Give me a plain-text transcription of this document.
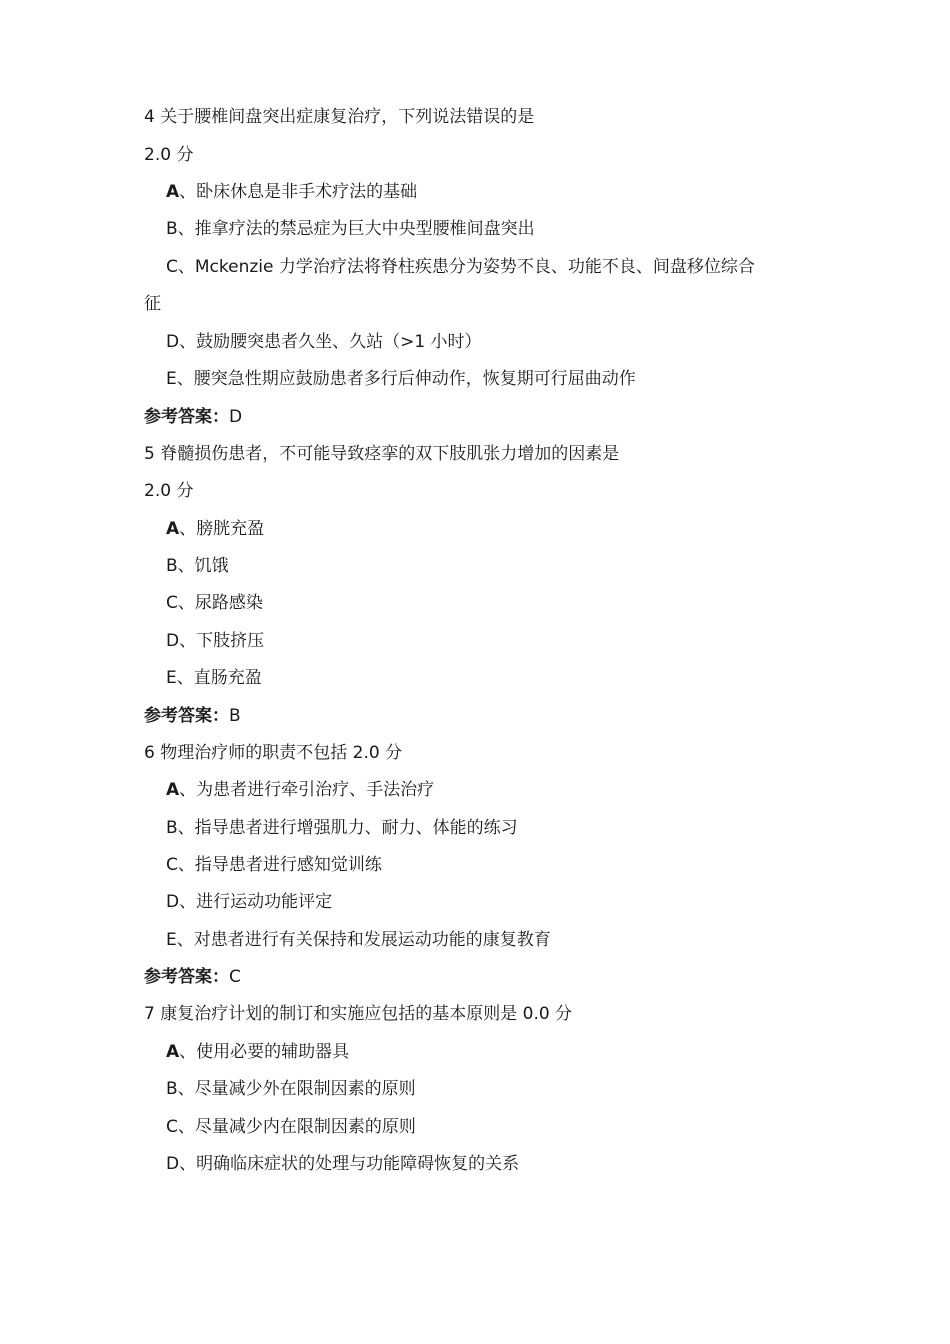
4 关于腰椎间盘突出症康复治疗，下列说法错误的是
2.0 分
A、卧床休息是非手术疗法的基础
B、推拿疗法的禁忌症为巨大中央型腰椎间盘突出
C、Mckenzie 力学治疗法将脊柱疾患分为姿势不良、功能不良、间盘移位综合
征
D、鼓励腰突患者久坐、久站（>1 小时）
E、腰突急性期应鼓励患者多行后伸动作，恢复期可行屈曲动作
参考答案：D
5 脊髓损伤患者，不可能导致痉挛的双下肢肌张力增加的因素是
2.0 分
A、膀胱充盈
B、饥饿
C、尿路感染
D、下肢挤压
E、直肠充盈
参考答案：B
6 物理治疗师的职责不包括 2.0 分
A、为患者进行牵引治疗、手法治疗
B、指导患者进行增强肌力、耐力、体能的练习
C、指导患者进行感知觉训练
D、进行运动功能评定
E、对患者进行有关保持和发展运动功能的康复教育
参考答案：C
7 康复治疗计划的制订和实施应包括的基本原则是 0.0 分
A、使用必要的辅助器具
B、尽量减少外在限制因素的原则
C、尽量减少内在限制因素的原则
D、明确临床症状的处理与功能障碍恢复的关系
